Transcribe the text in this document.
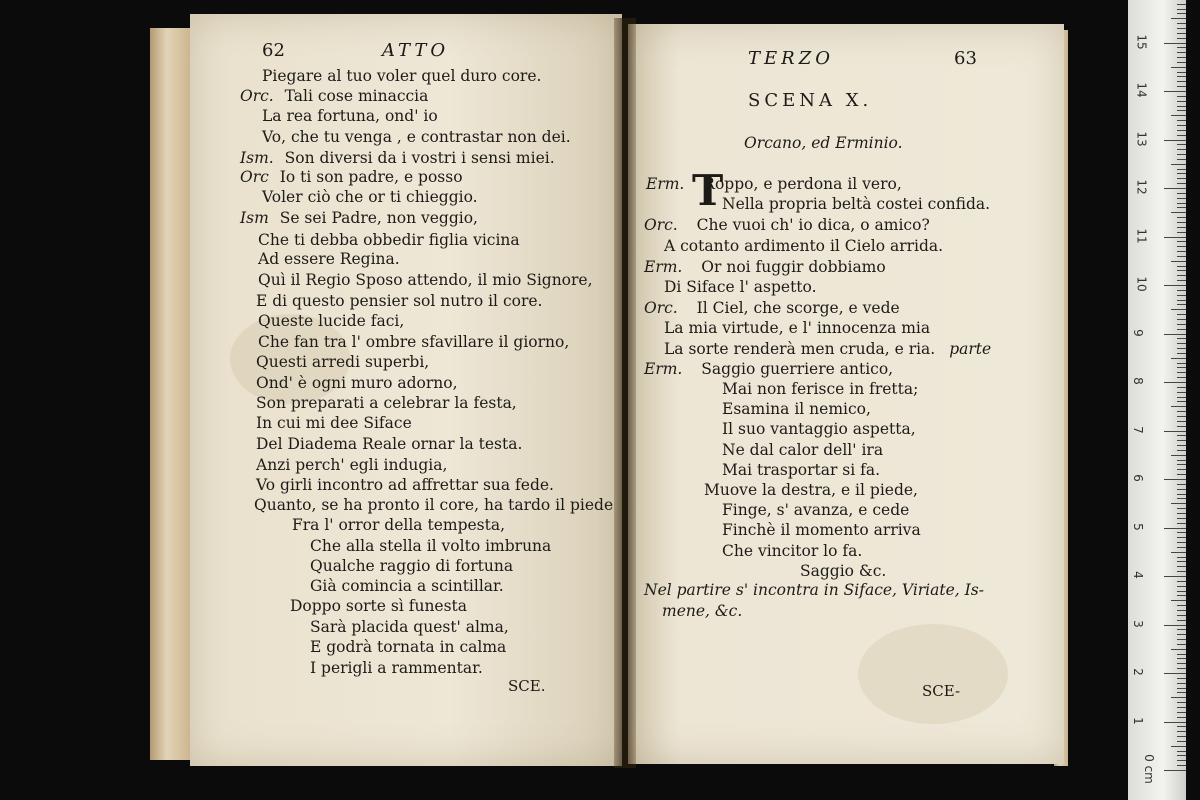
62	ATTO
Piegare al tuo voler quel duro core.
Orc. Tali cose minaccia
La rea fortuna, ond' io
Vo, che tu venga , e contrastar non dei.
Ism. Son diversi da i vostri i sensi miei.
Orc Io ti son padre, e posso
Voler ciò che or ti chieggio.
Ism Se sei Padre, non veggio,
Che ti debba obbedir figlia vicina
Ad essere Regina.
Quì il Regio Sposo attendo, il mio Signore,
E di questo pensier sol nutro il core.
Queste lucide faci,
Che fan tra l' ombre sfavillare il giorno,
Questi arredi superbi,
Ond' è ogni muro adorno,
Son preparati a celebrar la festa,
In cui mi dee Siface
Del Diadema Reale ornar la testa.
Anzi perch' egli indugia,
Vo girli incontro ad affrettar sua fede.
Quanto, se ha pronto il core, ha tardo il piede
Fra l' orror della tempesta,
Che alla stella il volto imbruna
Qualche raggio di fortuna
Già comincia a scintillar.
Doppo sorte sì funesta
Sarà placida quest' alma,
E godrà tornata in calma
I perigli a rammentar.
SCE.
TERZO	63
SCENA X.
Orcano, ed Erminio.
T
Erm. Roppo, e perdona il vero,
Nella propria beltà costei confida.
Orc. Che vuoi ch' io dica, o amico?
A cotanto ardimento il Cielo arrida.
Erm. Or noi fuggir dobbiamo
Di Siface l' aspetto.
Orc. Il Ciel, che scorge, e vede
La mia virtude, e l' innocenza mia
La sorte renderà men cruda, e ria. parte
Erm. Saggio guerriere antico,
Mai non ferisce in fretta;
Esamina il nemico,
Il suo vantaggio aspetta,
Ne dal calor dell' ira
Mai trasportar si fa.
Muove la destra, e il piede,
Finge, s' avanza, e cede
Finchè il momento arriva
Che vincitor lo fa.
Saggio &c.
Nel partire s' incontra in Siface, Viriate, Is-
mene, &c.
SCE-
0 cm
1
2
3
4
5
6
7
8
9
10
11
12
13
14
15
